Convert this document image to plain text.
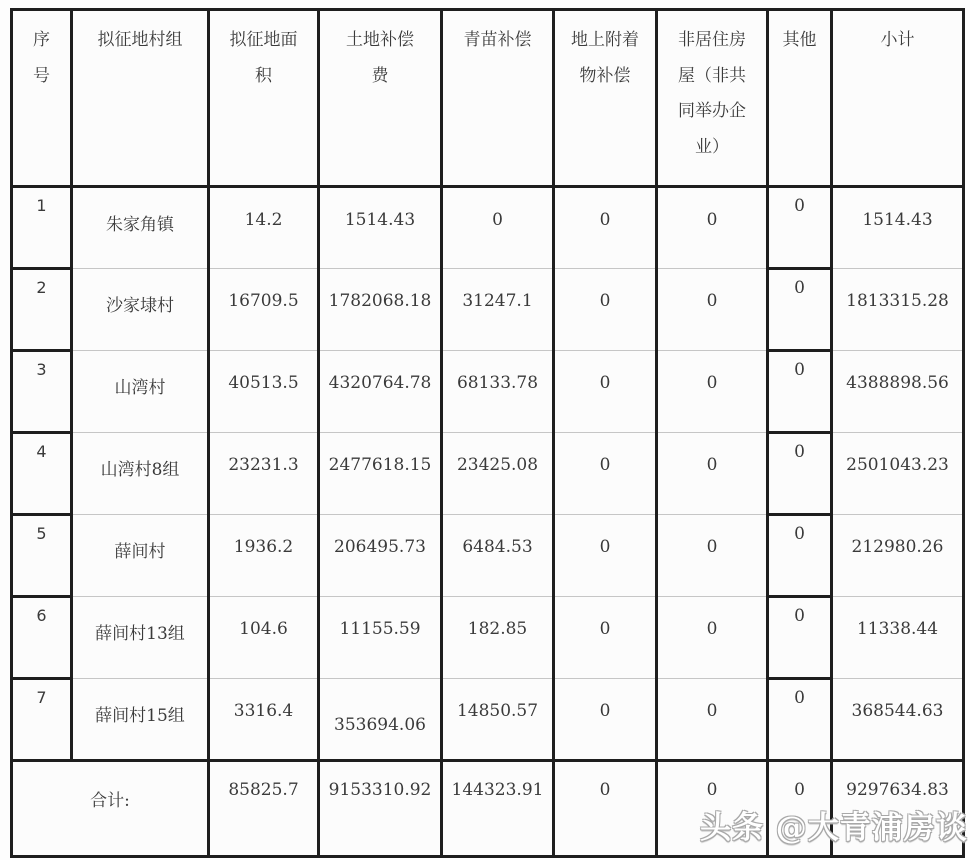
序号	拟征地村组	拟征地面积	土地补偿费	青苗补偿	地上附着物补偿	非居住房屋（非共同举办企业）	其他	小计
1	朱家角镇	14.2	1514.43	0	0	0	0	1514.43
2	沙家埭村	16709.5	1782068.18	31247.1	0	0	0	1813315.28
3	山湾村	40513.5	4320764.78	68133.78	0	0	0	4388898.56
4	山湾村8组	23231.3	2477618.15	23425.08	0	0	0	2501043.23
5	薛间村	1936.2	206495.73	6484.53	0	0	0	212980.26
6	薛间村13组	104.6	11155.59	182.85	0	0	0	11338.44
7	薛间村15组	3316.4	353694.06	14850.57	0	0	0	368544.63
合计:		85825.7	9153310.92	144323.91	0	0	0	9297634.83
头条 @大青浦房谈
